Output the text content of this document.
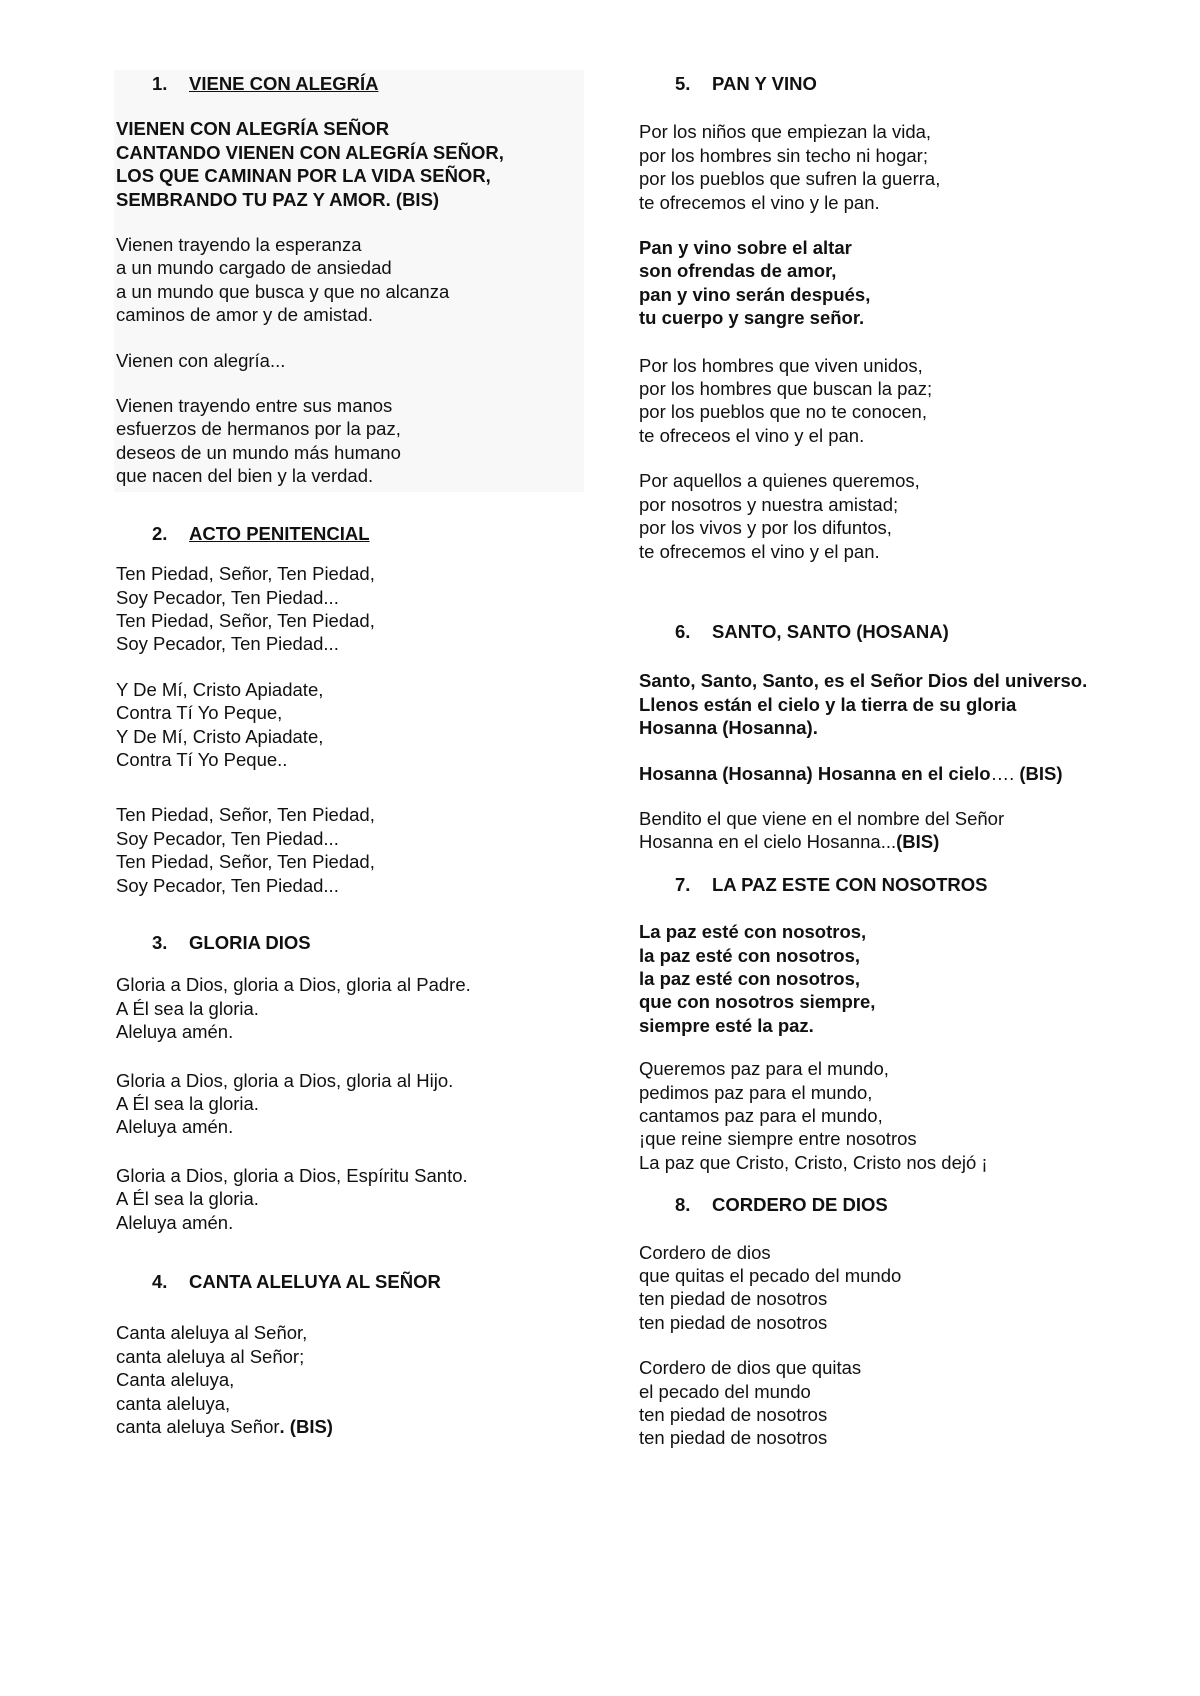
1. VIENE CON ALEGRÍA
VIENEN CON ALEGRÍA SEÑOR
CANTANDO VIENEN CON ALEGRÍA SEÑOR,
LOS QUE CAMINAN POR LA VIDA SEÑOR,
SEMBRANDO TU PAZ Y AMOR. (BIS)
Vienen trayendo la esperanza
a un mundo cargado de ansiedad
a un mundo que busca y que no alcanza
caminos de amor y de amistad.
Vienen con alegría...
Vienen trayendo entre sus manos
esfuerzos de hermanos por la paz,
deseos de un mundo más humano
que nacen del bien y la verdad.
2. ACTO PENITENCIAL
Ten Piedad, Señor, Ten Piedad,
Soy Pecador, Ten Piedad...
Ten Piedad, Señor, Ten Piedad,
Soy Pecador, Ten Piedad...
Y De Mí, Cristo Apiadate,
Contra Tí Yo Peque,
Y De Mí, Cristo Apiadate,
Contra Tí Yo Peque..
Ten Piedad, Señor, Ten Piedad,
Soy Pecador, Ten Piedad...
Ten Piedad, Señor, Ten Piedad,
Soy Pecador, Ten Piedad...
3. GLORIA DIOS
Gloria a Dios, gloria a Dios, gloria al Padre.
A Él sea la gloria.
Aleluya amén.
Gloria a Dios, gloria a Dios, gloria al Hijo.
A Él sea la gloria.
Aleluya amén.
Gloria a Dios, gloria a Dios, Espíritu Santo.
A Él sea la gloria.
Aleluya amén.
4. CANTA ALELUYA AL SEÑOR
Canta aleluya al Señor,
canta aleluya al Señor;
Canta aleluya,
canta aleluya,
canta aleluya Señor. (BIS)
5. PAN Y VINO
Por los niños que empiezan la vida,
por los hombres sin techo ni hogar;
por los pueblos que sufren la guerra,
te ofrecemos el vino y le pan.
Pan y vino sobre el altar
son ofrendas de amor,
pan y vino serán después,
tu cuerpo y sangre señor.
Por los hombres que viven unidos,
por los hombres que buscan la paz;
por los pueblos que no te conocen,
te ofreceos el vino y el pan.
Por aquellos a quienes queremos,
por nosotros y nuestra amistad;
por los vivos y por los difuntos,
te ofrecemos el vino y el pan.
6. SANTO, SANTO (HOSANA)
Santo, Santo, Santo, es el Señor Dios del universo.
Llenos están el cielo y la tierra de su gloria
Hosanna (Hosanna).
Hosanna (Hosanna) Hosanna en el cielo…. (BIS)
Bendito el que viene en el nombre del Señor
Hosanna en el cielo Hosanna...(BIS)
7. LA PAZ ESTE CON NOSOTROS
La paz esté con nosotros,
la paz esté con nosotros,
la paz esté con nosotros,
que con nosotros siempre,
siempre esté la paz.
Queremos paz para el mundo,
pedimos paz para el mundo,
cantamos paz para el mundo,
¡que reine siempre entre nosotros
La paz que Cristo, Cristo, Cristo nos dejó ¡
8. CORDERO DE DIOS
Cordero de dios
que quitas el pecado del mundo
ten piedad de nosotros
ten piedad de nosotros
Cordero de dios que quitas
el pecado del mundo
ten piedad de nosotros
ten piedad de nosotros
